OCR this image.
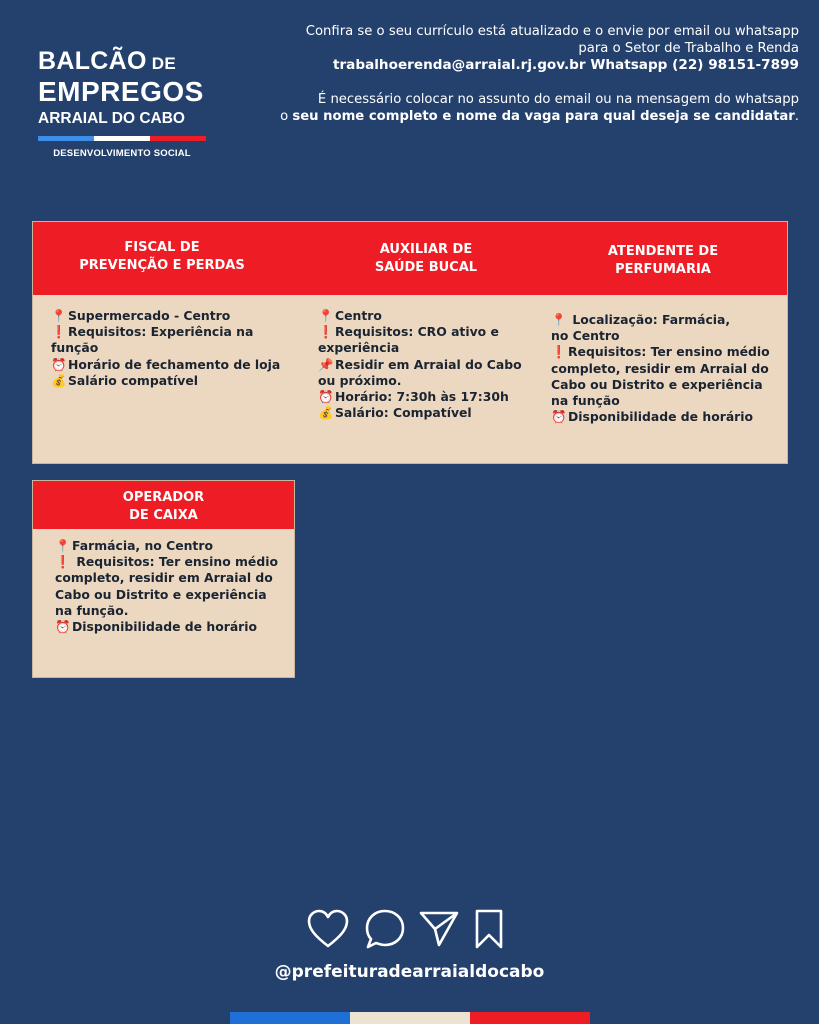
BALCÃO DE
EMPREGOS
ARRAIAL DO CABO
DESENVOLVIMENTO SOCIAL

Confira se o seu currículo está atualizado e o envie por email ou whatsapp

para o Setor de Trabalho e Renda

trabalhoerenda@arraial.rj.gov.br Whatsapp (22) 98151-7899

É necessário colocar no assunto do email ou na mensagem do whatsapp

o seu nome completo e nome da vaga para qual deseja se candidatar.

FISCAL DE
PREVENÇÃO E PERDAS
AUXILIAR DE
SAÚDE BUCAL
ATENDENTE DE
PERFUMARIA
📍 Supermercado - Centro
❗ Requisitos: Experiência na
função
⏰ Horário de fechamento de loja
💰 Salário compatível
📍 Centro
❗ Requisitos: CRO ativo e
experiência
📌 Residir em Arraial do Cabo
ou próximo.
⏰ Horário: 7:30h às 17:30h
💰 Salário: Compatível
📍 Localização: Farmácia,
no Centro
❗ Requisitos: Ter ensino médio
completo, residir em Arraial do
Cabo ou Distrito e experiência
na função
⏰ Disponibilidade de horário
OPERADOR
DE CAIXA
📍 Farmácia, no Centro
❗ Requisitos: Ter ensino médio
completo, residir em Arraial do
Cabo ou Distrito e experiência
na função.
⏰ Disponibilidade de horário
@prefeituradearraialdocabo
